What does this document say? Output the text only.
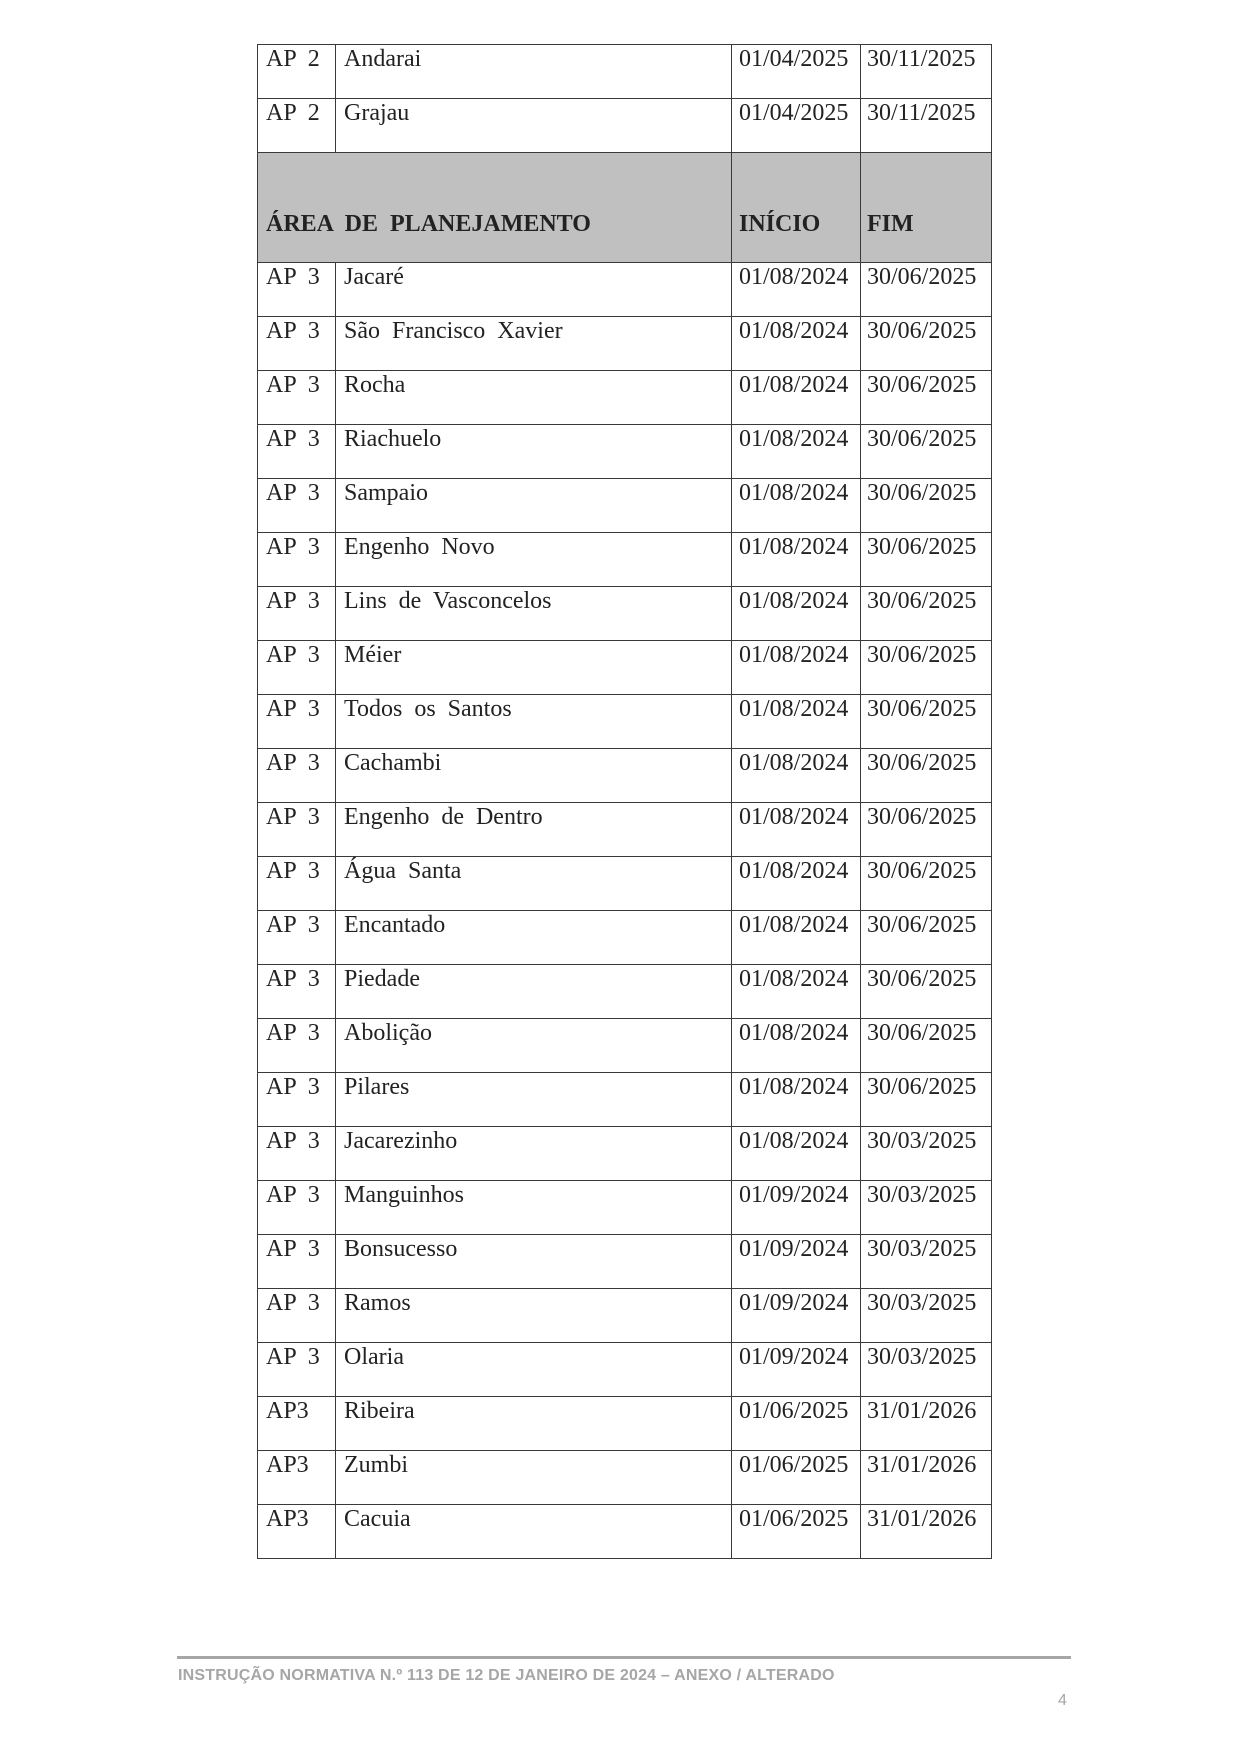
AP 2	Andarai	01/04/2025	30/11/2025

AP 2	Grajau	01/04/2025	30/11/2025

ÁREA DE PLANEJAMENTO		INÍCIO	FIM

AP 3	Jacaré	01/08/2024	30/06/2025

AP 3	São Francisco Xavier	01/08/2024	30/06/2025

AP 3	Rocha	01/08/2024	30/06/2025

AP 3	Riachuelo	01/08/2024	30/06/2025

AP 3	Sampaio	01/08/2024	30/06/2025

AP 3	Engenho Novo	01/08/2024	30/06/2025

AP 3	Lins de Vasconcelos	01/08/2024	30/06/2025

AP 3	Méier	01/08/2024	30/06/2025

AP 3	Todos os Santos	01/08/2024	30/06/2025

AP 3	Cachambi	01/08/2024	30/06/2025

AP 3	Engenho de Dentro	01/08/2024	30/06/2025

AP 3	Água Santa	01/08/2024	30/06/2025

AP 3	Encantado	01/08/2024	30/06/2025

AP 3	Piedade	01/08/2024	30/06/2025

AP 3	Abolição	01/08/2024	30/06/2025

AP 3	Pilares	01/08/2024	30/06/2025

AP 3	Jacarezinho	01/08/2024	30/03/2025

AP 3	Manguinhos	01/09/2024	30/03/2025

AP 3	Bonsucesso	01/09/2024	30/03/2025

AP 3	Ramos	01/09/2024	30/03/2025

AP 3	Olaria	01/09/2024	30/03/2025

AP3	Ribeira	01/06/2025	31/01/2026

AP3	Zumbi	01/06/2025	31/01/2026

AP3	Cacuia	01/06/2025	31/01/2026
INSTRUÇÃO NORMATIVA N.º 113 DE 12 DE JANEIRO DE 2024 – ANEXO / ALTERADO
4
